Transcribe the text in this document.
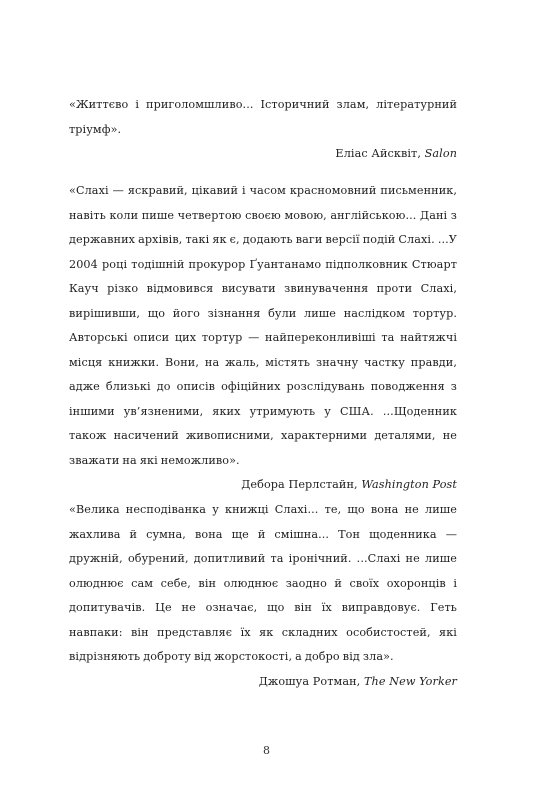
«Життєво і приголомшливо... Історичний злам, літературний тріумф».

Еліас Айсквіт, Salon

«Слахі — яскравий, цікавий і часом красномовний письменник, навіть коли пише четвертою своєю мовою, англійською... Дані з державних архівів, такі як є, додають ваги версії подій Слахі. ...У 2004 році тодішній прокурор Ґуантанамо підполковник Стюарт Кауч різко відмовився висувати звинувачення проти Слахі, вирішивши, що його зізнання були лише наслідком тортур. Авторські описи цих тортур — найпереконливіші та найтяжчі місця книжки. Вони, на жаль, містять значну частку правди, адже близькі до описів офіційних розслідувань поводження з іншими ув’язненими, яких утримують у США. ...Щоденник також насичений живописними, характерними деталями, не зважати на які неможливо».

Дебора Перлстайн, Washington Post

«Велика несподіванка у книжці Слахі... те, що вона не лише жахлива й сумна, вона ще й смішна... Тон щоденника — дружній, обурений, допитливий та іронічний. ...Слахі не лише олюднює сам себе, він олюднює заодно й своїх охоронців і допитувачів. Це не означає, що він їх виправдовує. Геть навпаки: він представляє їх як складних особистостей, які відрізняють доброту від жорстокості, а добро від зла».

Джошуа Ротман, The New Yorker

8
